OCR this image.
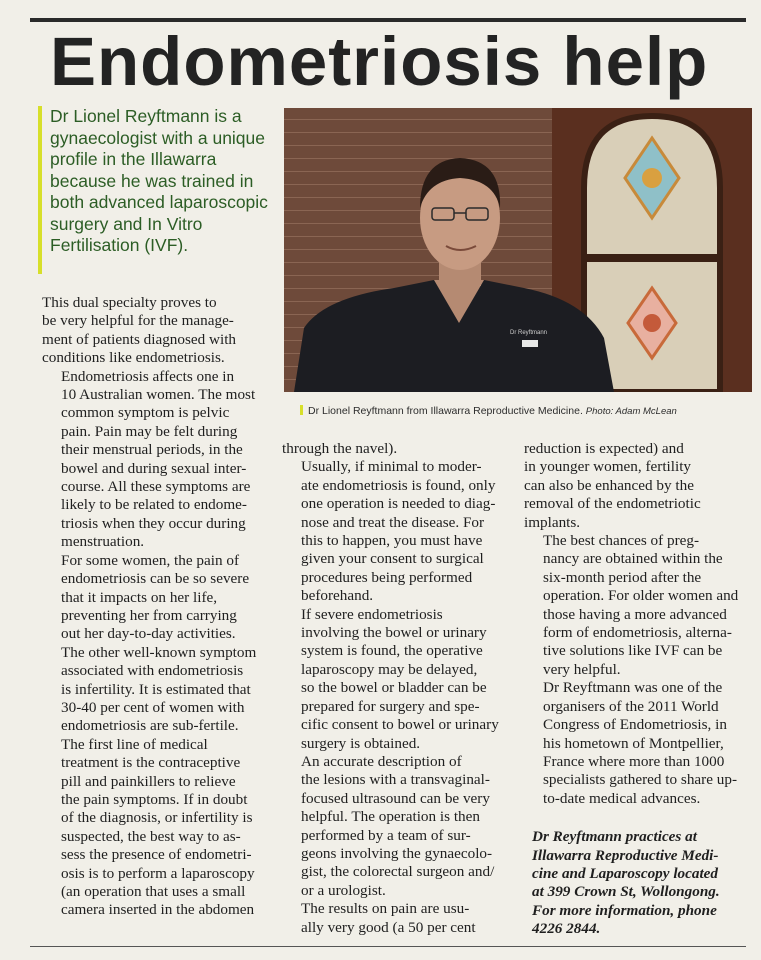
Endometriosis help
Dr Lionel Reyftmann is a
gynaecologist with a unique
profile in the Illawarra
because he was trained in
both advanced laparoscopic
surgery and In Vitro
Fertilisation (IVF).
Dr Reyftmann
Dr Lionel Reyftmann from Illawarra Reproductive Medicine. Photo: Adam McLean

This dual specialty proves to
be very helpful for the manage-
ment of patients diagnosed with
conditions like endometriosis.

Endometriosis affects one in
10 Australian women. The most
common symptom is pelvic
pain. Pain may be felt during
their menstrual periods, in the
bowel and during sexual inter-
course. All these symptoms are
likely to be related to endome-
triosis when they occur during
menstruation.

For some women, the pain of
endometriosis can be so severe
that it impacts on her life,
preventing her from carrying
out her day-to-day activities.
The other well-known symptom
associated with endometriosis
is infertility. It is estimated that
30-40 per cent of women with
endometriosis are sub-fertile.

The first line of medical
treatment is the contraceptive
pill and painkillers to relieve
the pain symptoms. If in doubt
of the diagnosis, or infertility is
suspected, the best way to as-
sess the presence of endometri-
osis is to perform a laparoscopy
(an operation that uses a small
camera inserted in the abdomen

through the navel).

Usually, if minimal to moder-
ate endometriosis is found, only
one operation is needed to diag-
nose and treat the disease. For
this to happen, you must have
given your consent to surgical
procedures being performed
beforehand.

If severe endometriosis
involving the bowel or urinary
system is found, the operative
laparoscopy may be delayed,
so the bowel or bladder can be
prepared for surgery and spe-
cific consent to bowel or urinary
surgery is obtained.

An accurate description of
the lesions with a transvaginal-
focused ultrasound can be very
helpful. The operation is then
performed by a team of sur-
geons involving the gynaecolo-
gist, the colorectal surgeon and/
or a urologist.

The results on pain are usu-
ally very good (a 50 per cent

reduction is expected) and
in younger women, fertility
can also be enhanced by the
removal of the endometriotic
implants.

The best chances of preg-
nancy are obtained within the
six-month period after the
operation. For older women and
those having a more advanced
form of endometriosis, alterna-
tive solutions like IVF can be
very helpful.

Dr Reyftmann was one of the
organisers of the 2011 World
Congress of Endometriosis, in
his hometown of Montpellier,
France where more than 1000
specialists gathered to share up-
to-date medical advances.

Dr Reyftmann practices at
Illawarra Reproductive Medi-
cine and Laparoscopy located
at 399 Crown St, Wollongong.
For more information, phone
4226 2844.
